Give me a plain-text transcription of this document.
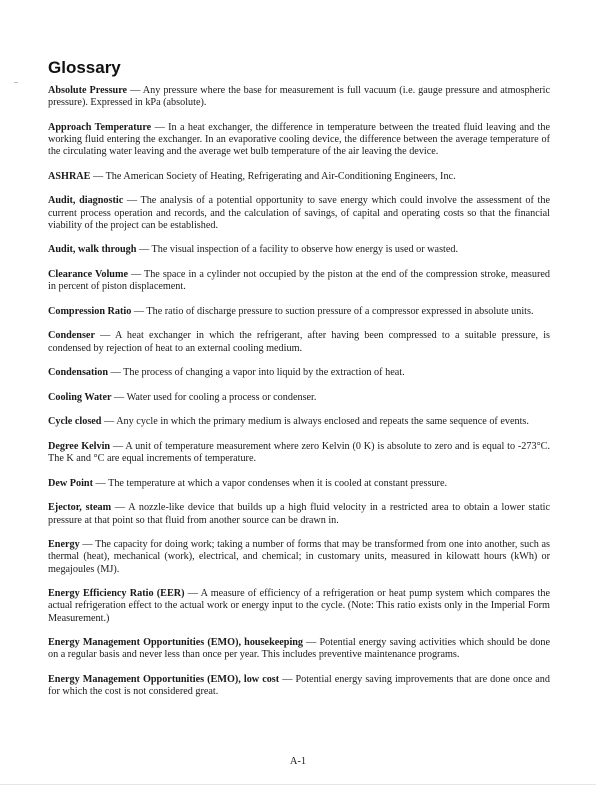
Glossary

Absolute Pressure — Any pressure where the base for measurement is full vacuum (i.e. gauge pressure and atmospheric pressure). Expressed in kPa (absolute).

Approach Temperature — In a heat exchanger, the difference in temperature between the treated fluid leaving and the working fluid entering the exchanger. In an evaporative cooling device, the difference between the average temperature of the circulating water leaving and the average wet bulb temperature of the air leaving the device.

ASHRAE — The American Society of Heating, Refrigerating and Air-Conditioning Engineers, Inc.

Audit, diagnostic — The analysis of a potential opportunity to save energy which could involve the assessment of the current process operation and records, and the calculation of savings, of capital and operating costs so that the financial viability of the project can be established.

Audit, walk through — The visual inspection of a facility to observe how energy is used or wasted.

Clearance Volume — The space in a cylinder not occupied by the piston at the end of the compression stroke, measured in percent of piston displacement.

Compression Ratio — The ratio of discharge pressure to suction pressure of a compressor expressed in absolute units.

Condenser — A heat exchanger in which the refrigerant, after having been compressed to a suitable pressure, is condensed by rejection of heat to an external cooling medium.

Condensation — The process of changing a vapor into liquid by the extraction of heat.

Cooling Water — Water used for cooling a process or condenser.

Cycle closed — Any cycle in which the primary medium is always enclosed and repeats the same sequence of events.

Degree Kelvin — A unit of temperature measurement where zero Kelvin (0 K) is absolute to zero and is equal to -273°C. The K and °C are equal increments of temperature.

Dew Point — The temperature at which a vapor condenses when it is cooled at constant pressure.

Ejector, steam — A nozzle-like device that builds up a high fluid velocity in a restricted area to obtain a lower static pressure at that point so that fluid from another source can be drawn in.

Energy — The capacity for doing work; taking a number of forms that may be transformed from one into another, such as thermal (heat), mechanical (work), electrical, and chemical; in customary units, measured in kilowatt hours (kWh) or megajoules (MJ).

Energy Efficiency Ratio (EER) — A measure of efficiency of a refrigeration or heat pump system which compares the actual refrigeration effect to the actual work or energy input to the cycle. (Note: This ratio exists only in the Imperial Form Measurement.)

Energy Management Opportunities (EMO), housekeeping — Potential energy saving activities which should be done on a regular basis and never less than once per year. This includes preventive maintenance programs.

Energy Management Opportunities (EMO), low cost — Potential energy saving improvements that are done once and for which the cost is not considered great.

A-1
